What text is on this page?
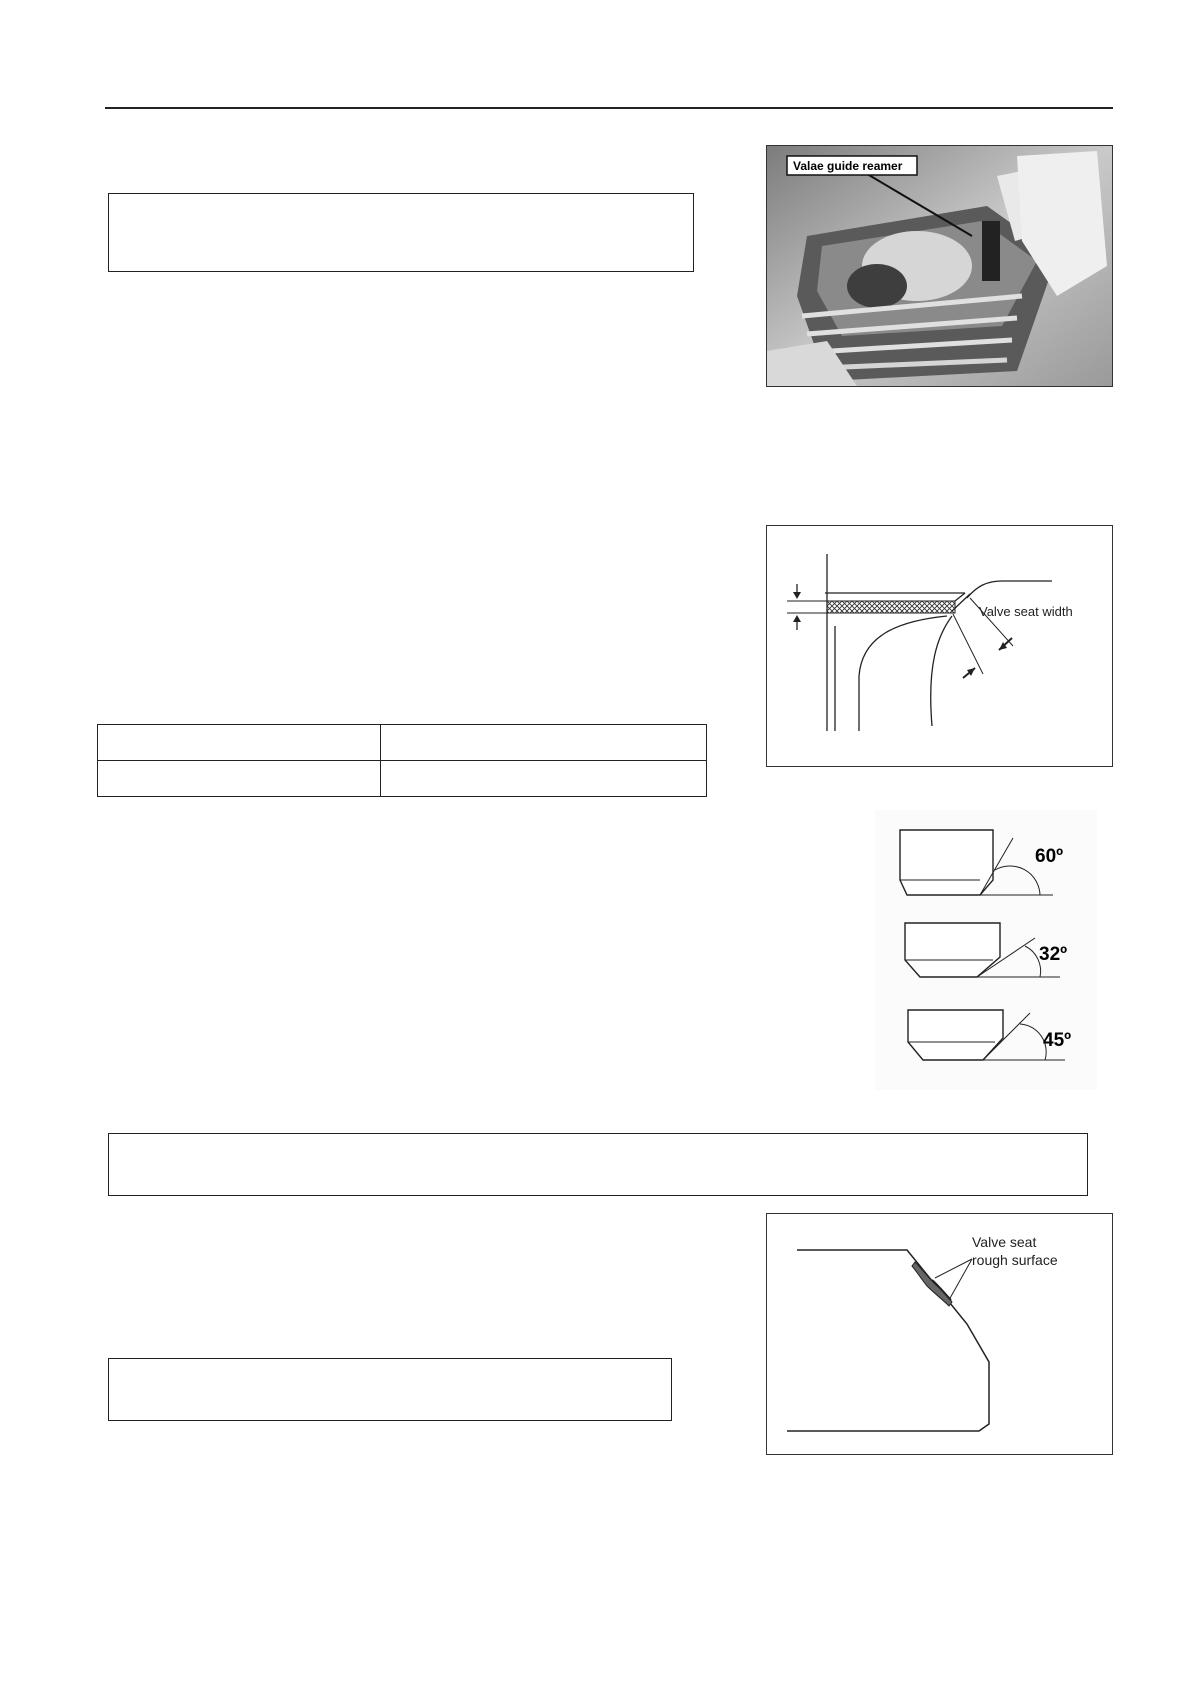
Valae guide reamer
Valve seat width

60º
32º
45º
Valve seat
rough surface
